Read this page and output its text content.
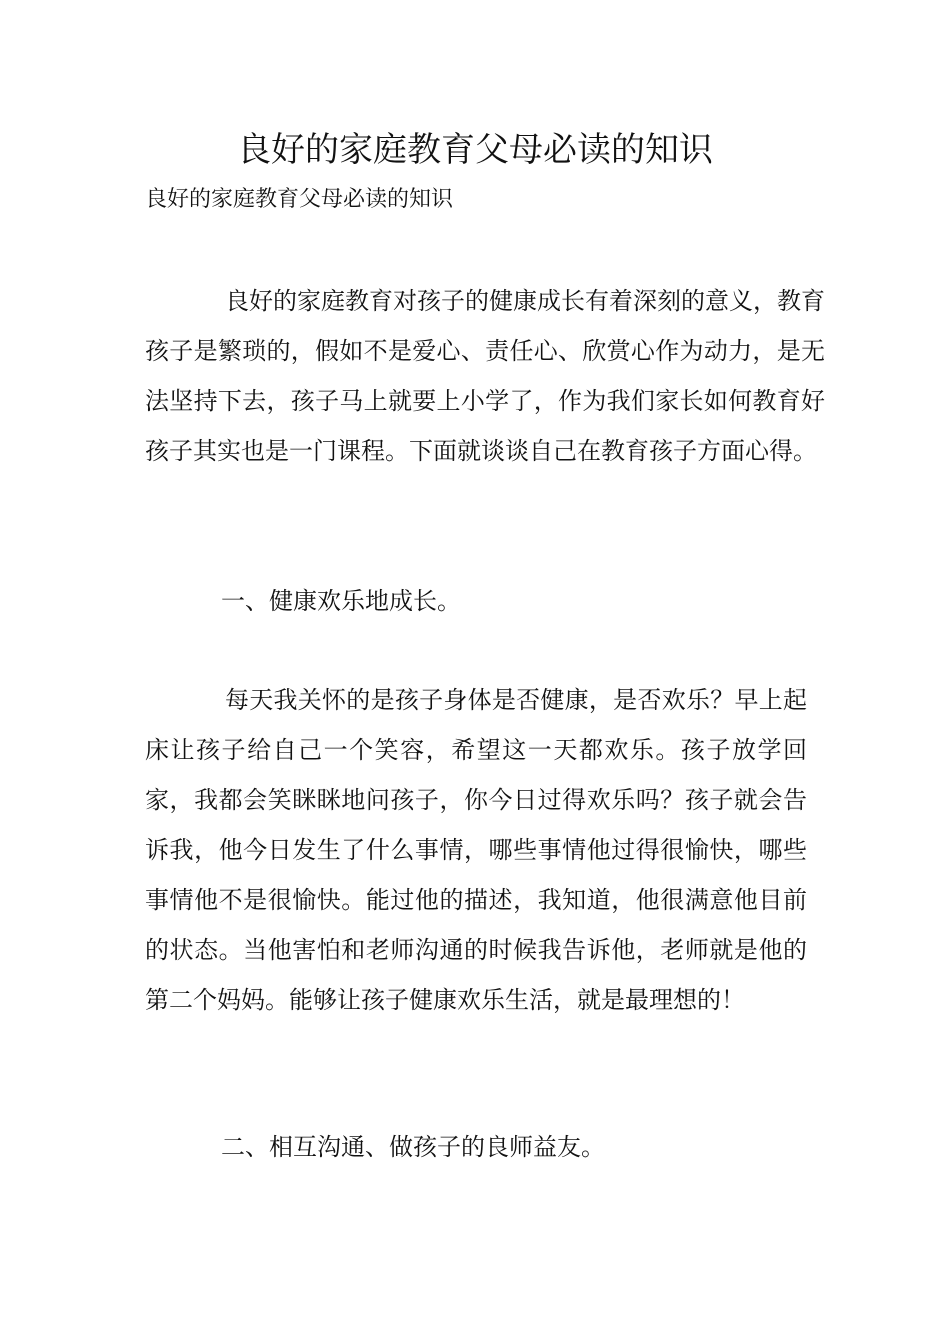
良好的家庭教育父母必读的知识

良好的家庭教育父母必读的知识

良好的家庭教育对孩子的健康成长有着深刻的意义，教育孩子是繁琐的，假如不是爱心、责任心、欣赏心作为动力，是无法坚持下去，孩子马上就要上小学了，作为我们家长如何教育好孩子其实也是一门课程。下面就谈谈自己在教育孩子方面心得。

一、健康欢乐地成长。

每天我关怀的是孩子身体是否健康，是否欢乐？早上起床让孩子给自己一个笑容，希望这一天都欢乐。孩子放学回家，我都会笑眯眯地问孩子，你今日过得欢乐吗？孩子就会告诉我，他今日发生了什么事情，哪些事情他过得很愉快，哪些事情他不是很愉快。能过他的描述，我知道，他很满意他目前的状态。当他害怕和老师沟通的时候我告诉他，老师就是他的第二个妈妈。能够让孩子健康欢乐生活，就是最理想的！

二、相互沟通、做孩子的良师益友。
